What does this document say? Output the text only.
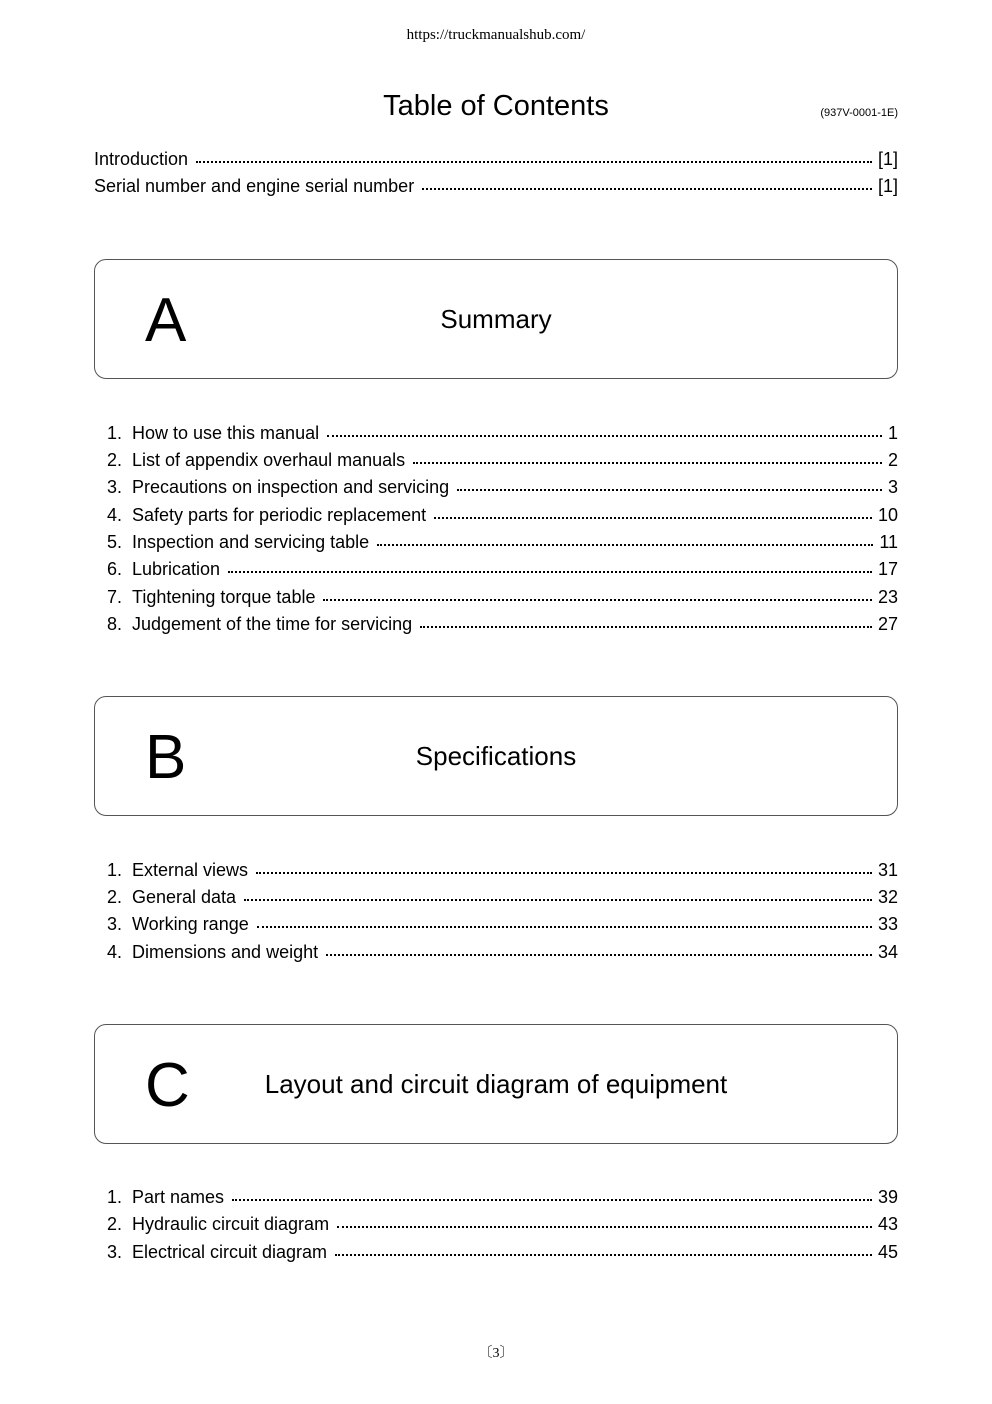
https://truckmanualshub.com/
Table of Contents	(937V-0001-1E)
Introduction	[1]
Serial number and engine serial number	[1]
A	Summary
1. How to use this manual	1
2. List of appendix overhaul manuals	2
3. Precautions on inspection and servicing	3
4. Safety parts for periodic replacement	10
5. Inspection and servicing table	11
6. Lubrication	17
7. Tightening torque table	23
8. Judgement of the time for servicing	27
B	Specifications
1. External views	31
2. General data	32
3. Working range	33
4. Dimensions and weight	34
C	Layout and circuit diagram of equipment
1. Part names	39
2. Hydraulic circuit diagram	43
3. Electrical circuit diagram	45
〔3〕
